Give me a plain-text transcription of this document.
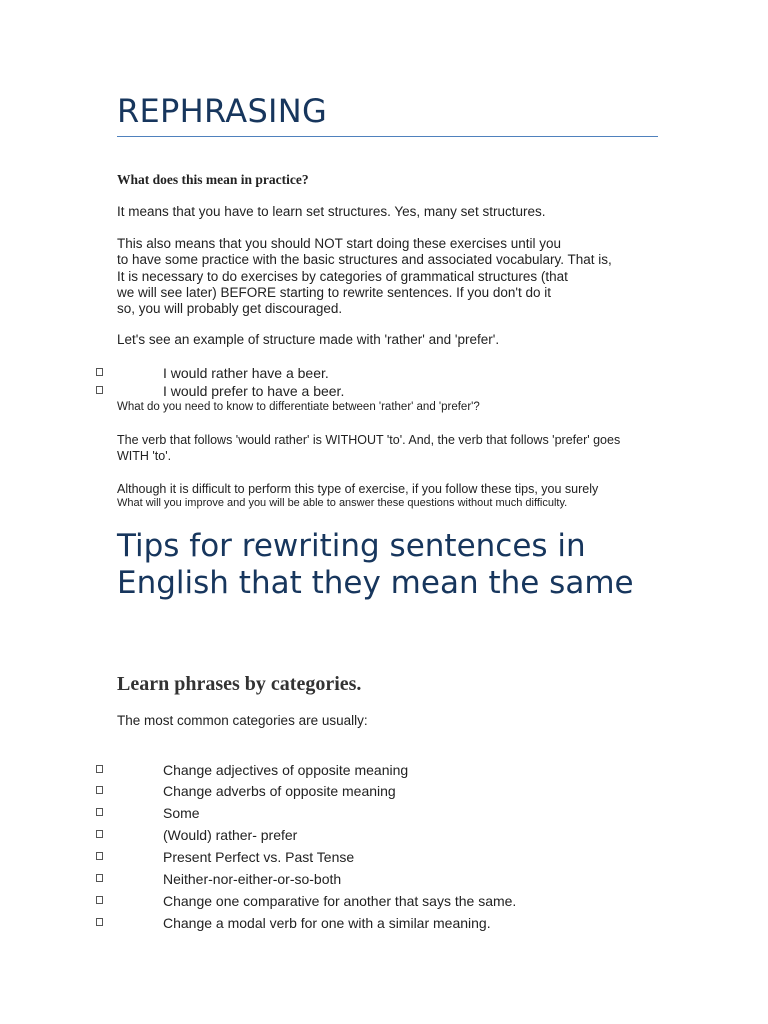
REPHRASING

What does this mean in practice?

It means that you have to learn set structures. Yes, many set structures.

This also means that you should NOT start doing these exercises until you
to have some practice with the basic structures and associated vocabulary. That is,
It is necessary to do exercises by categories of grammatical structures (that
we will see later) BEFORE starting to rewrite sentences. If you don't do it
so, you will probably get discouraged.

Let's see an example of structure made with 'rather' and 'prefer'.

I would rather have a beer.
I would prefer to have a beer.

What do you need to know to differentiate between 'rather' and 'prefer'?

The verb that follows 'would rather' is WITHOUT 'to'. And, the verb that follows 'prefer' goes
WITH 'to'.

Although it is difficult to perform this type of exercise, if you follow these tips, you surely

What will you improve and you will be able to answer these questions without much difficulty.

Tips for rewriting sentences in English that they mean the same
Learn phrases by categories.

The most common categories are usually:

Change adjectives of opposite meaning
Change adverbs of opposite meaning
Some
(Would) rather- prefer
Present Perfect vs. Past Tense
Neither-nor-either-or-so-both
Change one comparative for another that says the same.
Change a modal verb for one with a similar meaning.
